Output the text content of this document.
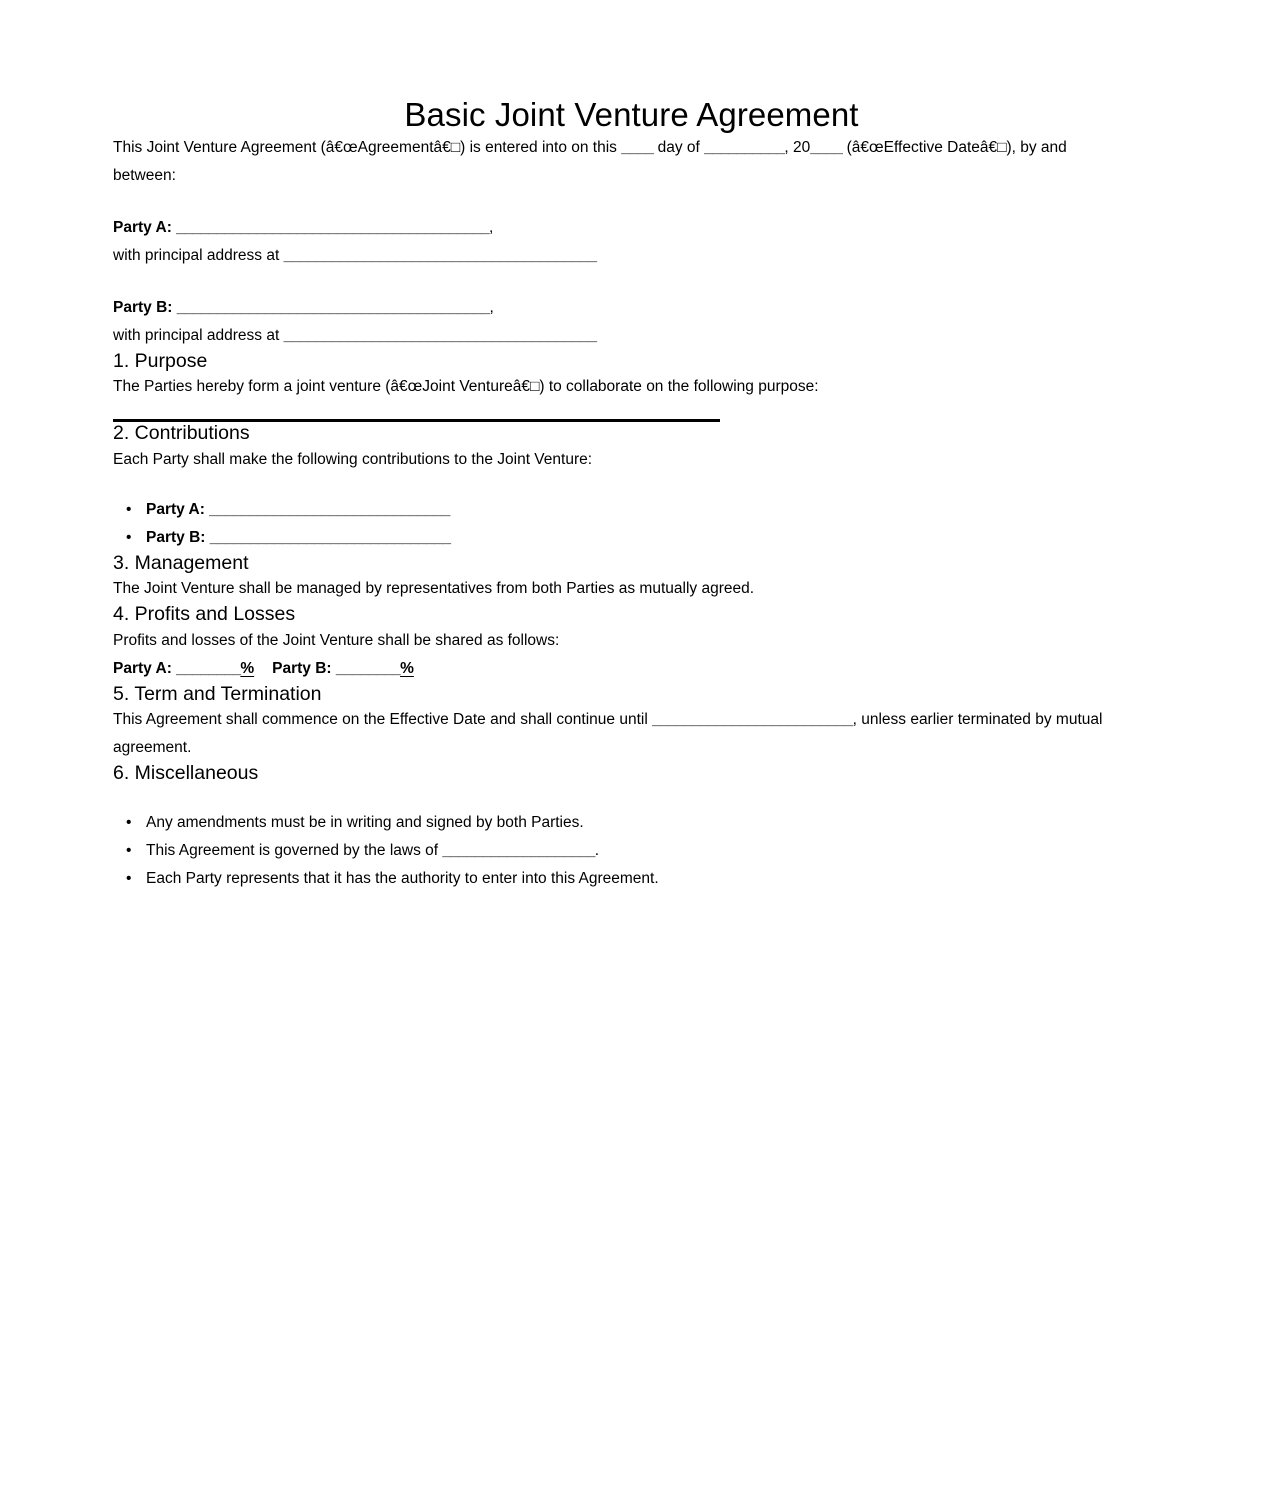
Basic Joint Venture Agreement

This Joint Venture Agreement (â€œAgreementâ€□) is entered into on this ____ day of __________, 20____ (â€œEffective Dateâ€□), by and between:

Party A: _______________________________________,
with principal address at _______________________________________
Party B: _______________________________________,
with principal address at _______________________________________
1. Purpose

The Parties hereby form a joint venture (â€œJoint Ventureâ€□) to collaborate on the following purpose:

2. Contributions

Each Party shall make the following contributions to the Joint Venture:

• Party A: ______________________________
• Party B: ______________________________
3. Management

The Joint Venture shall be managed by representatives from both Parties as mutually agreed.

4. Profits and Losses

Profits and losses of the Joint Venture shall be shared as follows:

Party A: ________% Party B: ________%
5. Term and Termination

This Agreement shall commence on the Effective Date and shall continue until _________________________, unless earlier terminated by mutual agreement.

6. Miscellaneous
• Any amendments must be in writing and signed by both Parties.
• This Agreement is governed by the laws of ___________________.
• Each Party represents that it has the authority to enter into this Agreement.
